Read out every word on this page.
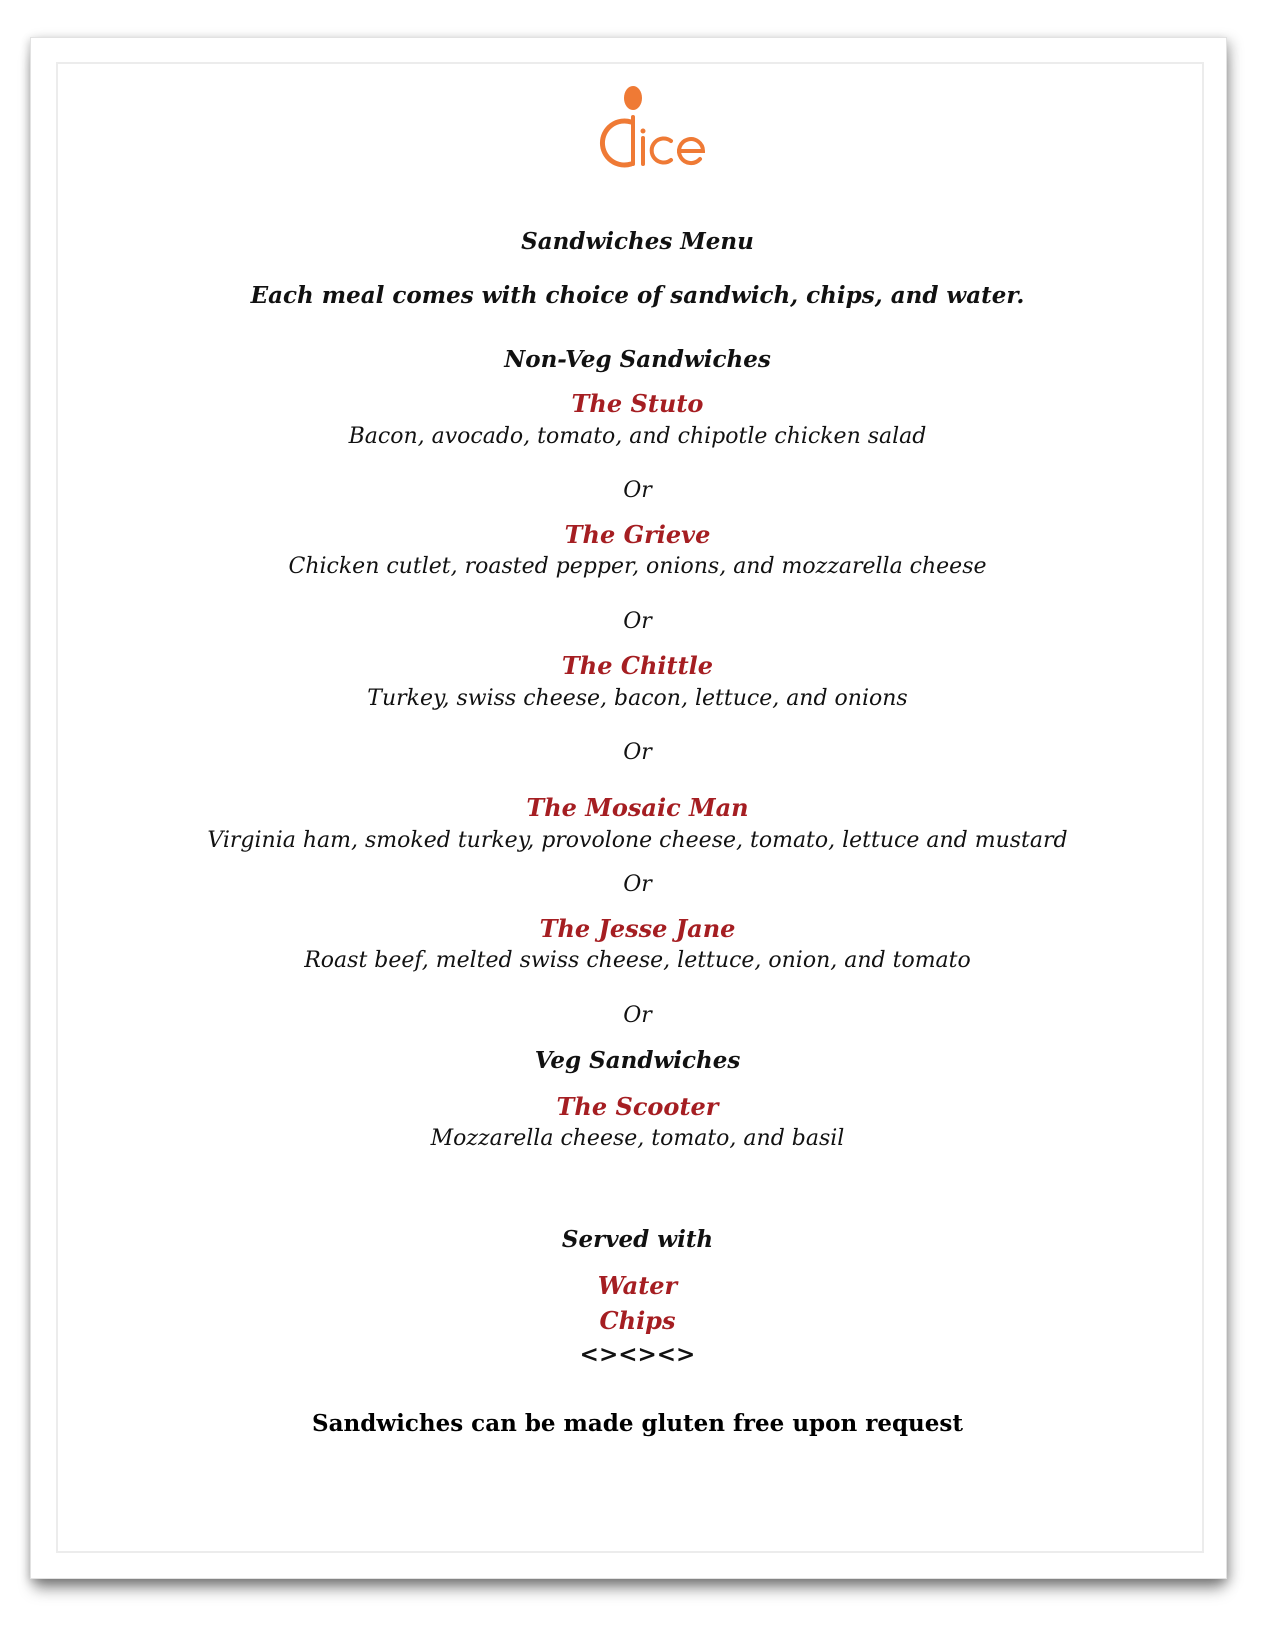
Sandwiches Menu
Each meal comes with choice of sandwich, chips, and water.
Non-Veg Sandwiches
The Stuto
Bacon, avocado, tomato, and chipotle chicken salad
Or
The Grieve
Chicken cutlet, roasted pepper, onions, and mozzarella cheese
Or
The Chittle
Turkey, swiss cheese, bacon, lettuce, and onions
Or
The Mosaic Man
Virginia ham, smoked turkey, provolone cheese, tomato, lettuce and mustard
Or
The Jesse Jane
Roast beef, melted swiss cheese, lettuce, onion, and tomato
Or
Veg Sandwiches
The Scooter
Mozzarella cheese, tomato, and basil
Served with
Water
Chips
<><><>
Sandwiches can be made gluten free upon request
